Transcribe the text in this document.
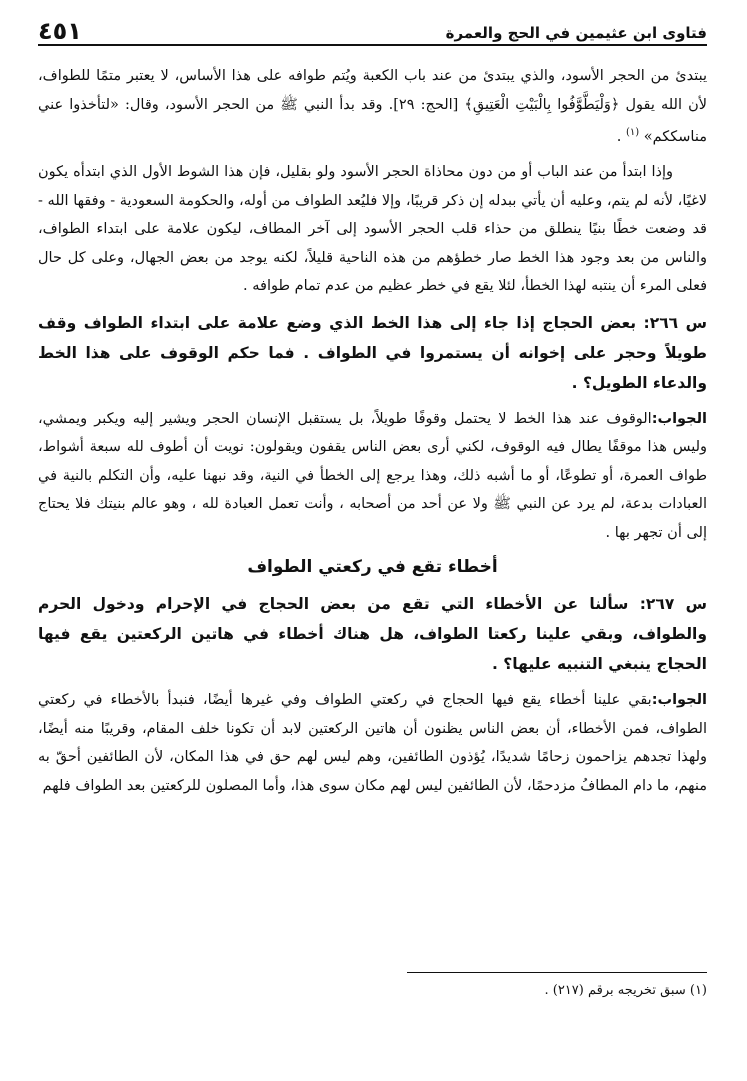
فتاوى ابن عثيمين في الحج والعمرة
٤٥١

يبتدئ من الحجر الأسود، والذي يبتدئ من عند باب الكعبة ويُتم طوافه على هذا الأساس، لا يعتبر متمًا للطواف، لأن الله يقول ﴿وَلْيَطَّوَّفُوا بِالْبَيْتِ الْعَتِيقِ﴾ [الحج: ٢٩]. وقد بدأ النبي ﷺ من الحجر الأسود، وقال: «لتأخذوا عني مناسككم» $^{(١)}$ .

وإذا ابتدأ من عند الباب أو من دون محاذاة الحجر الأسود ولو بقليل، فإن هذا الشوط الأول الذي ابتدأه يكون لاغيًا، لأنه لم يتم، وعليه أن يأتي ببدله إن ذكر قريبًا، وإلا فليُعد الطواف من أوله، والحكومة السعودية - وفقها الله - قد وضعت خطًا بنيًا ينطلق من حذاء قلب الحجر الأسود إلى آخر المطاف، ليكون علامة على ابتداء الطواف، والناس من بعد وجود هذا الخط صار خطؤهم من هذه الناحية قليلاً، لكنه يوجد من بعض الجهال، وعلى كل حال فعلى المرء أن ينتبه لهذا الخطأ، لئلا يقع في خطر عظيم من عدم تمام طوافه .

س ٢٦٦: بعض الحجاج إذا جاء إلى هذا الخط الذي وضع علامة على ابتداء الطواف وقف طويلاً وحجر على إخوانه أن يستمروا في الطواف . فما حكم الوقوف على هذا الخط والدعاء الطويل؟ .

الجواب:الوقوف عند هذا الخط لا يحتمل وقوفًا طويلاً، بل يستقبل الإنسان الحجر ويشير إليه ويكبر ويمشي، وليس هذا موقفًا يطال فيه الوقوف، لكني أرى بعض الناس يقفون ويقولون: نويت أن أطوف لله سبعة أشواط، طواف العمرة، أو تطوعًا، أو ما أشبه ذلك، وهذا يرجع إلى الخطأ في النية، وقد نبهنا عليه، وأن التكلم بالنية في العبادات بدعة، لم يرد عن النبي ﷺ ولا عن أحد من أصحابه ، وأنت تعمل العبادة لله ، وهو عالم بنيتك فلا يحتاج إلى أن تجهر بها .

أخطاء تقع في ركعتي الطواف

س ٢٦٧: سألنا عن الأخطاء التي تقع من بعض الحجاج في الإحرام ودخول الحرم والطواف، وبقي علينا ركعتا الطواف، هل هناك أخطاء في هاتين الركعتين يقع فيها الحجاج ينبغي التنبيه عليها؟ .

الجواب:بقي علينا أخطاء يقع فيها الحجاج في ركعتي الطواف وفي غيرها أيضًا، فنبدأ بالأخطاء في ركعتي الطواف، فمن الأخطاء، أن بعض الناس يظنون أن هاتين الركعتين لابد أن تكونا خلف المقام، وقريبًا منه أيضًا، ولهذا تجدهم يزاحمون زحامًا شديدًا، يُؤذون الطائفين، وهم ليس لهم حق في هذا المكان، لأن الطائفين أحقّ به منهم، ما دام المطافُ مزدحمًا، لأن الطائفين ليس لهم مكان سوى هذا، وأما المصلون للركعتين بعد الطواف فلهم

(١) سبق تخريجه برقم (٢١٧) .
